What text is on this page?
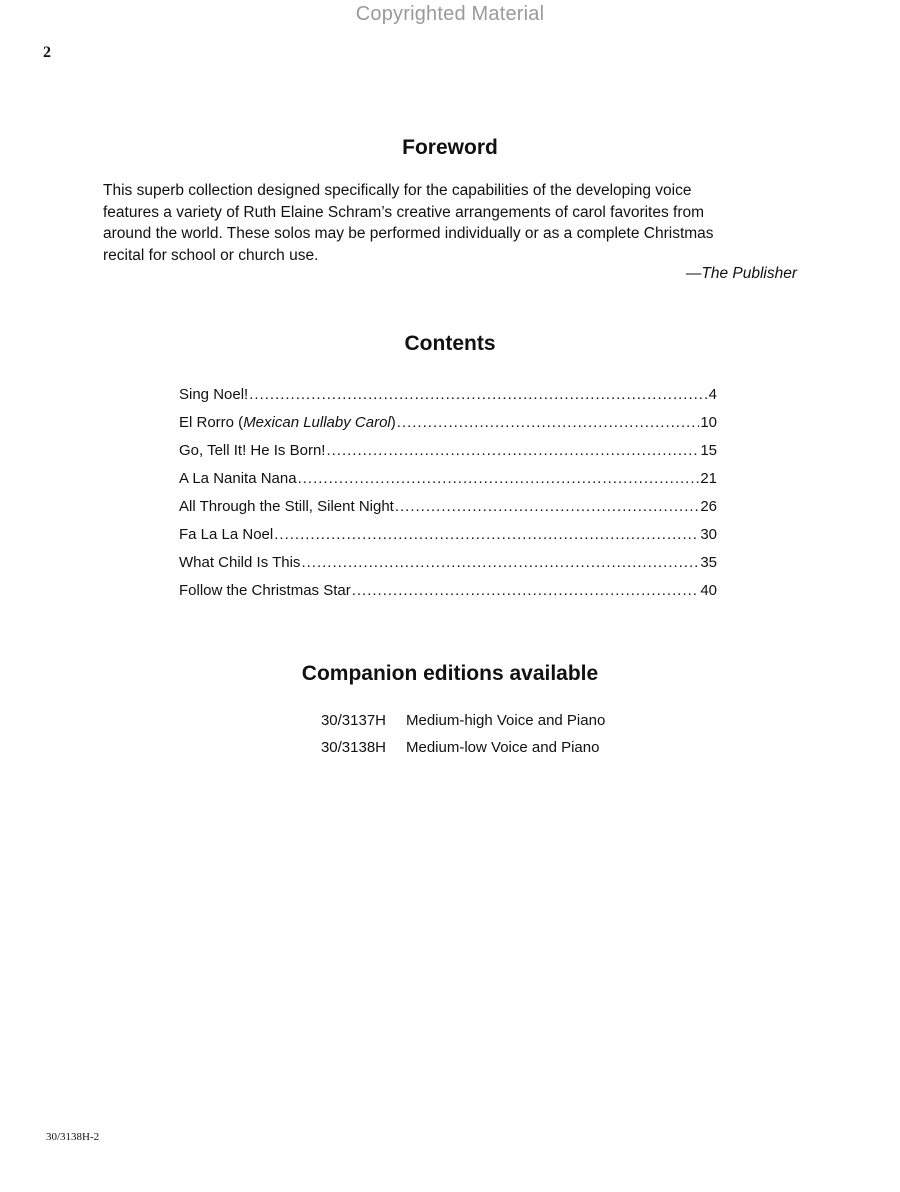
Copyrighted Material
2
Foreword
This superb collection designed specifically for the capabilities of the developing voice
features a variety of Ruth Elaine Schram’s creative arrangements of carol favorites from
around the world. These solos may be performed individually or as a complete Christmas
recital for school or church use.
—The Publisher
Contents
Sing Noel! .....	4
El Rorro (Mexican Lullaby Carol) .....	10
Go, Tell It! He Is Born! .....	15
A La Nanita Nana .....	21
All Through the Still, Silent Night .....	26
Fa La La Noel .....	30
What Child Is This .....	35
Follow the Christmas Star .....	40
Companion editions available
30/3137H Medium-high Voice and Piano
30/3138H Medium-low Voice and Piano
30/3138H-2
